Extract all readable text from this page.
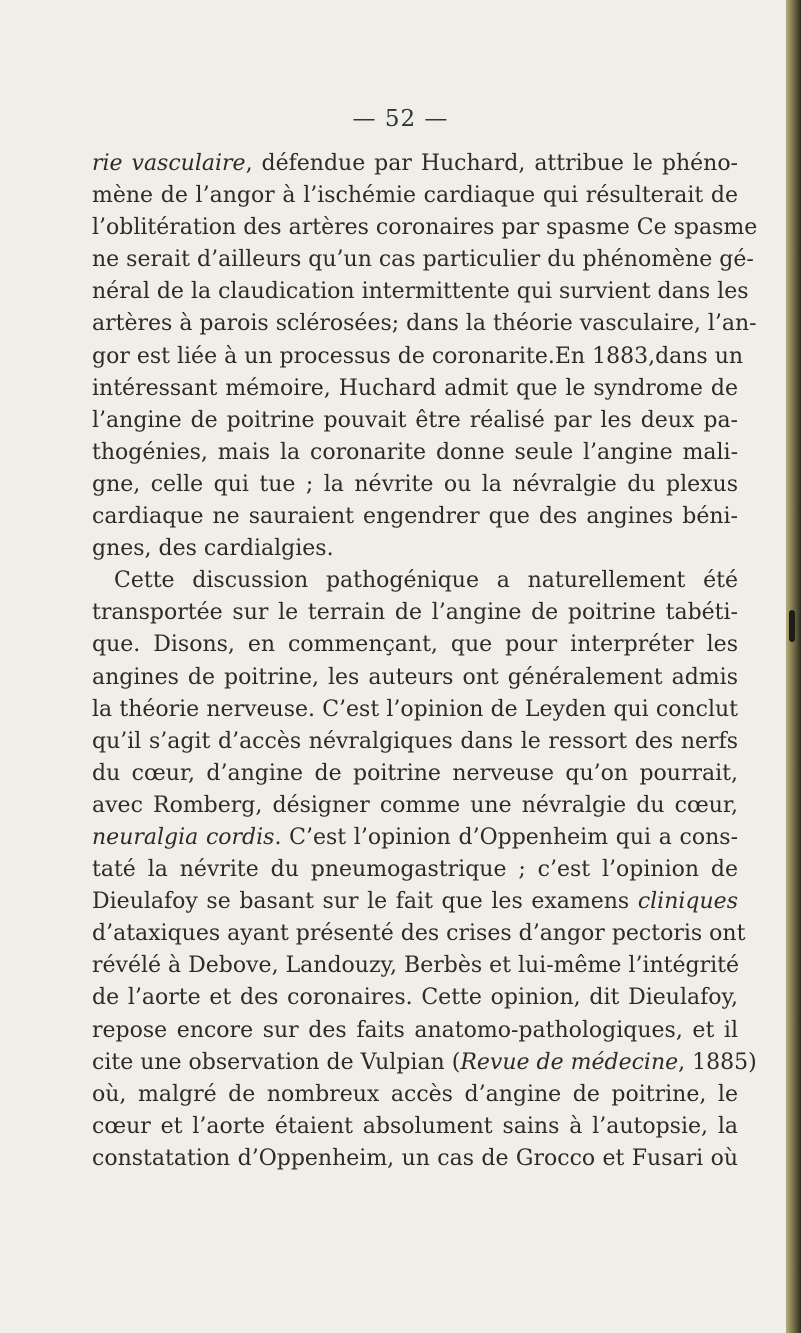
— 52 —
rie vasculaire, défendue par Huchard, attribue le phéno-
mène de l’angor à l’ischémie cardiaque qui résulterait de
l’oblitération des artères coronaires par spasme Ce spasme
ne serait d’ailleurs qu’un cas particulier du phénomène gé-
néral de la claudication intermittente qui survient dans les
artères à parois sclérosées; dans la théorie vasculaire, l’an-
gor est liée à un processus de coronarite.En 1883,dans un
intéressant mémoire, Huchard admit que le syndrome de
l’angine de poitrine pouvait être réalisé par les deux pa-
thogénies, mais la coronarite donne seule l’angine mali-
gne, celle qui tue ; la névrite ou la névralgie du plexus
cardiaque ne sauraient engendrer que des angines béni-
gnes, des cardialgies.
Cette discussion pathogénique a naturellement été
transportée sur le terrain de l’angine de poitrine tabéti-
que. Disons, en commençant, que pour interpréter les
angines de poitrine, les auteurs ont généralement admis
la théorie nerveuse. C’est l’opinion de Leyden qui conclut
qu’il s’agit d’accès névralgiques dans le ressort des nerfs
du cœur, d’angine de poitrine nerveuse qu’on pourrait,
avec Romberg, désigner comme une névralgie du cœur,
neuralgia cordis. C’est l’opinion d’Oppenheim qui a cons-
taté la névrite du pneumogastrique ; c’est l’opinion de
Dieulafoy se basant sur le fait que les examens cliniques
d’ataxiques ayant présenté des crises d’angor pectoris ont
révélé à Debove, Landouzy, Berbès et lui-même l’intégrité
de l’aorte et des coronaires. Cette opinion, dit Dieulafoy,
repose encore sur des faits anatomo-pathologiques, et il
cite une observation de Vulpian (Revue de médecine, 1885)
où, malgré de nombreux accès d’angine de poitrine, le
cœur et l’aorte étaient absolument sains à l’autopsie, la
constatation d’Oppenheim, un cas de Grocco et Fusari où
